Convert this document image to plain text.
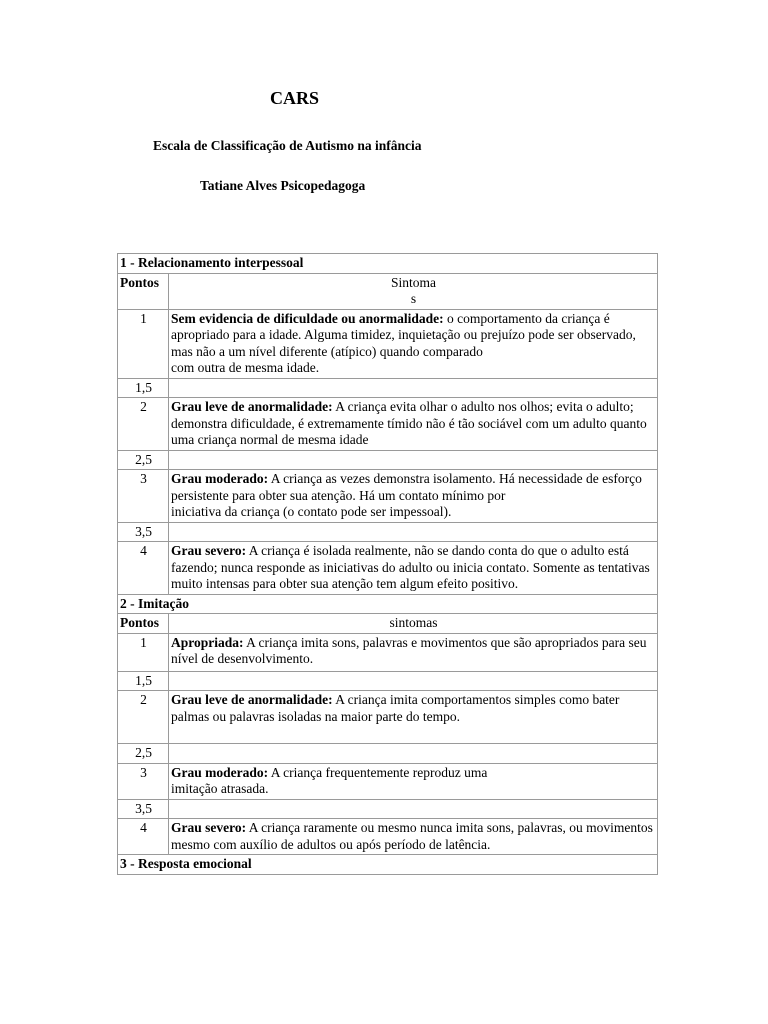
CARS
Escala de Classificação de Autismo na infância
Tatiane Alves Psicopedagoga
1 - Relacionamento interpessoal	
Pontos	Sintoma
s
1	Sem evidencia de dificuldade ou anormalidade: o comportamento da criança é apropriado para a idade. Alguma timidez, inquietação ou prejuízo pode ser observado, mas não a um nível diferente (atípico) quando comparado
com outra de mesma idade.
1,5	
2	Grau leve de anormalidade: A criança evita olhar o adulto nos olhos; evita o adulto; demonstra dificuldade, é extremamente tímido não é tão sociável com um adulto quanto uma criança normal de mesma idade
2,5	
3	Grau moderado: A criança as vezes demonstra isolamento. Há necessidade de esforço persistente para obter sua atenção. Há um contato mínimo por
iniciativa da criança (o contato pode ser impessoal).
3,5	
4	Grau severo: A criança é isolada realmente, não se dando conta do que o adulto está fazendo; nunca responde as iniciativas do adulto ou inicia contato. Somente as tentativas muito intensas para obter sua atenção tem algum efeito positivo.
2 - Imitação	
Pontos	sintomas
1	Apropriada: A criança imita sons, palavras e movimentos que são apropriados para seu nível de desenvolvimento.
1,5	
2	Grau leve de anormalidade: A criança imita comportamentos simples como bater palmas ou palavras isoladas na maior parte do tempo.
2,5	
3	Grau moderado: A criança frequentemente reproduz uma
imitação atrasada.
3,5	
4	Grau severo: A criança raramente ou mesmo nunca imita sons, palavras, ou movimentos mesmo com auxílio de adultos ou após período de latência.
3 - Resposta emocional	
